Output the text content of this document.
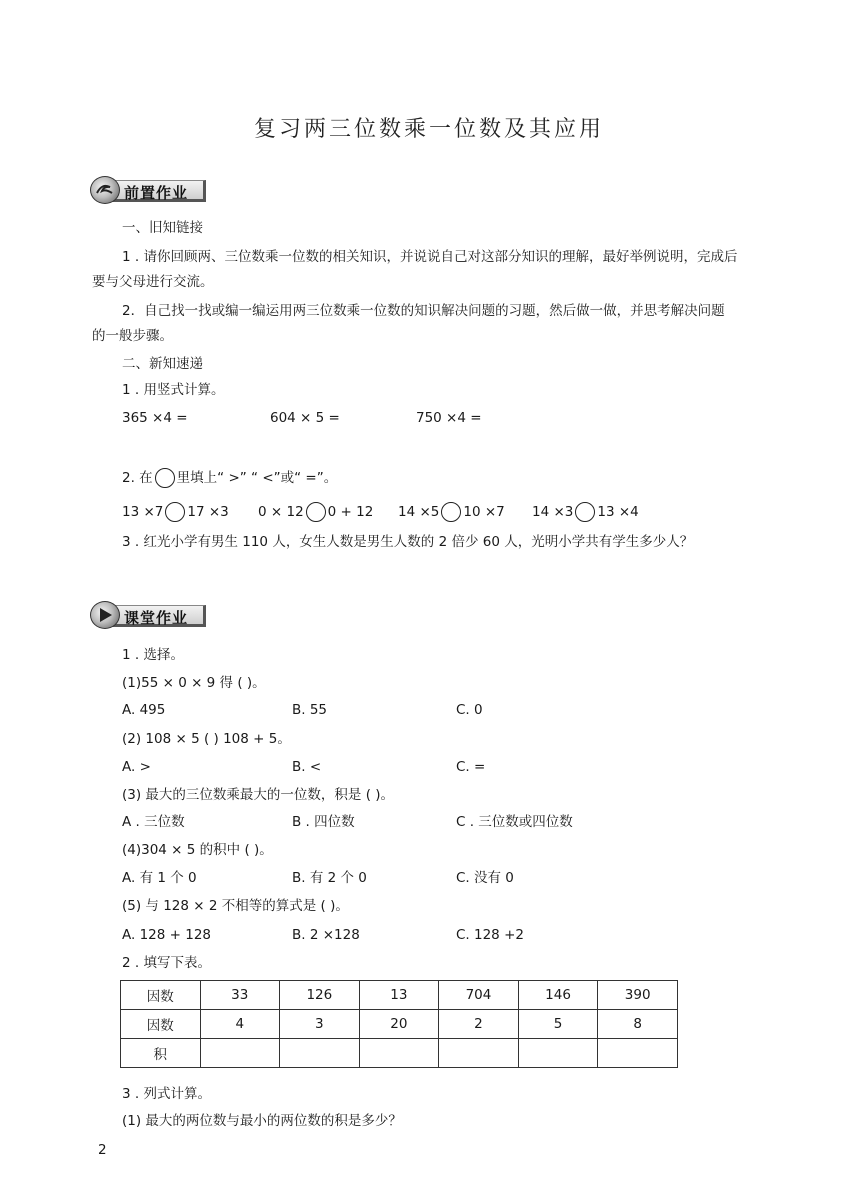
复习两三位数乘一位数及其应用
前置作业
一、旧知链接
1 . 请你回顾两、三位数乘一位数的相关知识，并说说自己对这部分知识的理解，最好举例说明，完成后
要与父母进行交流。
2．自己找一找或编一编运用两三位数乘一位数的知识解决问题的习题，然后做一做，并思考解决问题
的一般步骤。
二、新知速递
1 . 用竖式计算。
365 ×4 =	604 × 5 =	750 ×4 =
2. 在 里填上“ >” “ <”或“ =”。
13 ×7 17 ×3 0 × 12 0 + 12 14 ×5 10 ×7 14 ×3 13 ×4
3 . 红光小学有男生 110 人，女生人数是男生人数的 2 倍少 60 人，光明小学共有学生多少人？
课堂作业
1 . 选择。
(1)55 × 0 × 9 得 ( )。
A. 495	B. 55	C. 0
(2) 108 × 5 ( ) 108 + 5。
A. >	B. <	C. =
(3) 最大的三位数乘最大的一位数，积是 ( )。
A . 三位数	B . 四位数	C . 三位数或四位数
(4)304 × 5 的积中 ( )。
A. 有 1 个 0	B. 有 2 个 0	C. 没有 0
(5) 与 128 × 2 不相等的算式是 ( )。
A. 128 + 128	B. 2 ×128	C. 128 +2
2 . 填写下表。
因数	33	126	13	704	146	390
因数	4	3	20	2	5	8
积						
3 . 列式计算。
(1) 最大的两位数与最小的两位数的积是多少？
2
